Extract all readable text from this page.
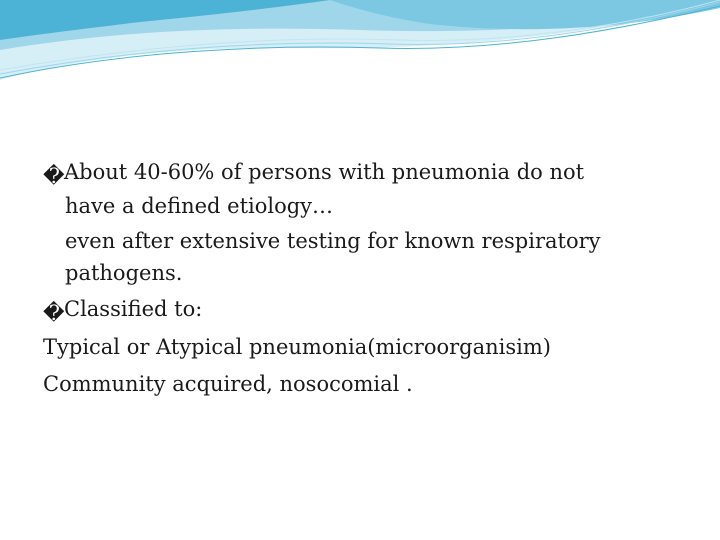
�About 40-60% of persons with pneumonia do not
have a defined etiology…
even after extensive testing for known respiratory
pathogens.
�Classified to:
Typical or Atypical pneumonia(microorganisim)
Community acquired, nosocomial .
